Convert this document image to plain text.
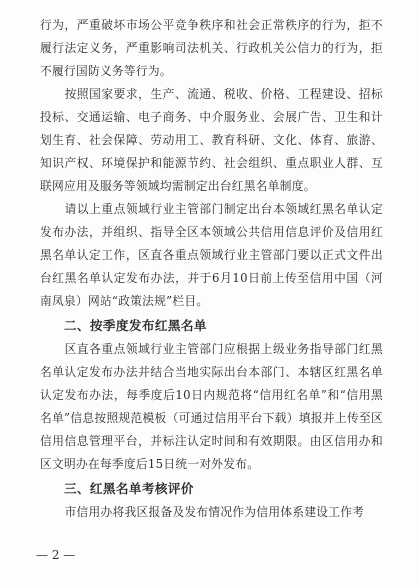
行为，严重破坏市场公平竞争秩序和社会正常秩序的行为，拒不履行法定义务，严重影响司法机关、行政机关公信力的行为，拒不履行国防义务等行为。

按照国家要求，生产、流通、税收、价格、工程建设、招标投标、交通运输、电子商务、中介服务业、会展广告、卫生和计划生育、社会保障、劳动用工、教育科研、文化、体育、旅游、知识产权、环境保护和能源节约、社会组织、重点职业人群、互联网应用及服务等领域均需制定出台红黑名单制度。

请以上重点领域行业主管部门制定出台本领域红黑名单认定发布办法，并组织、指导全区本领域公共信用信息评价及信用红黑名单认定工作，区直各重点领域行业主管部门要以正式文件出台红黑名单认定发布办法，并于6月10日前上传至信用中国（河南凤泉）网站“政策法规”栏目。

二、按季度发布红黑名单

区直各重点领域行业主管部门应根据上级业务指导部门红黑名单认定发布办法并结合当地实际出台本部门、本辖区红黑名单认定发布办法，每季度后10日内规范将“信用红名单”和“信用黑名单”信息按照规范模板（可通过信用平台下载）填报并上传至区信用信息管理平台，并标注认定时间和有效期限。由区信用办和区文明办在每季度后15日统一对外发布。

三、红黑名单考核评价

市信用办将我区报备及发布情况作为信用体系建设工作考

— 2 —
